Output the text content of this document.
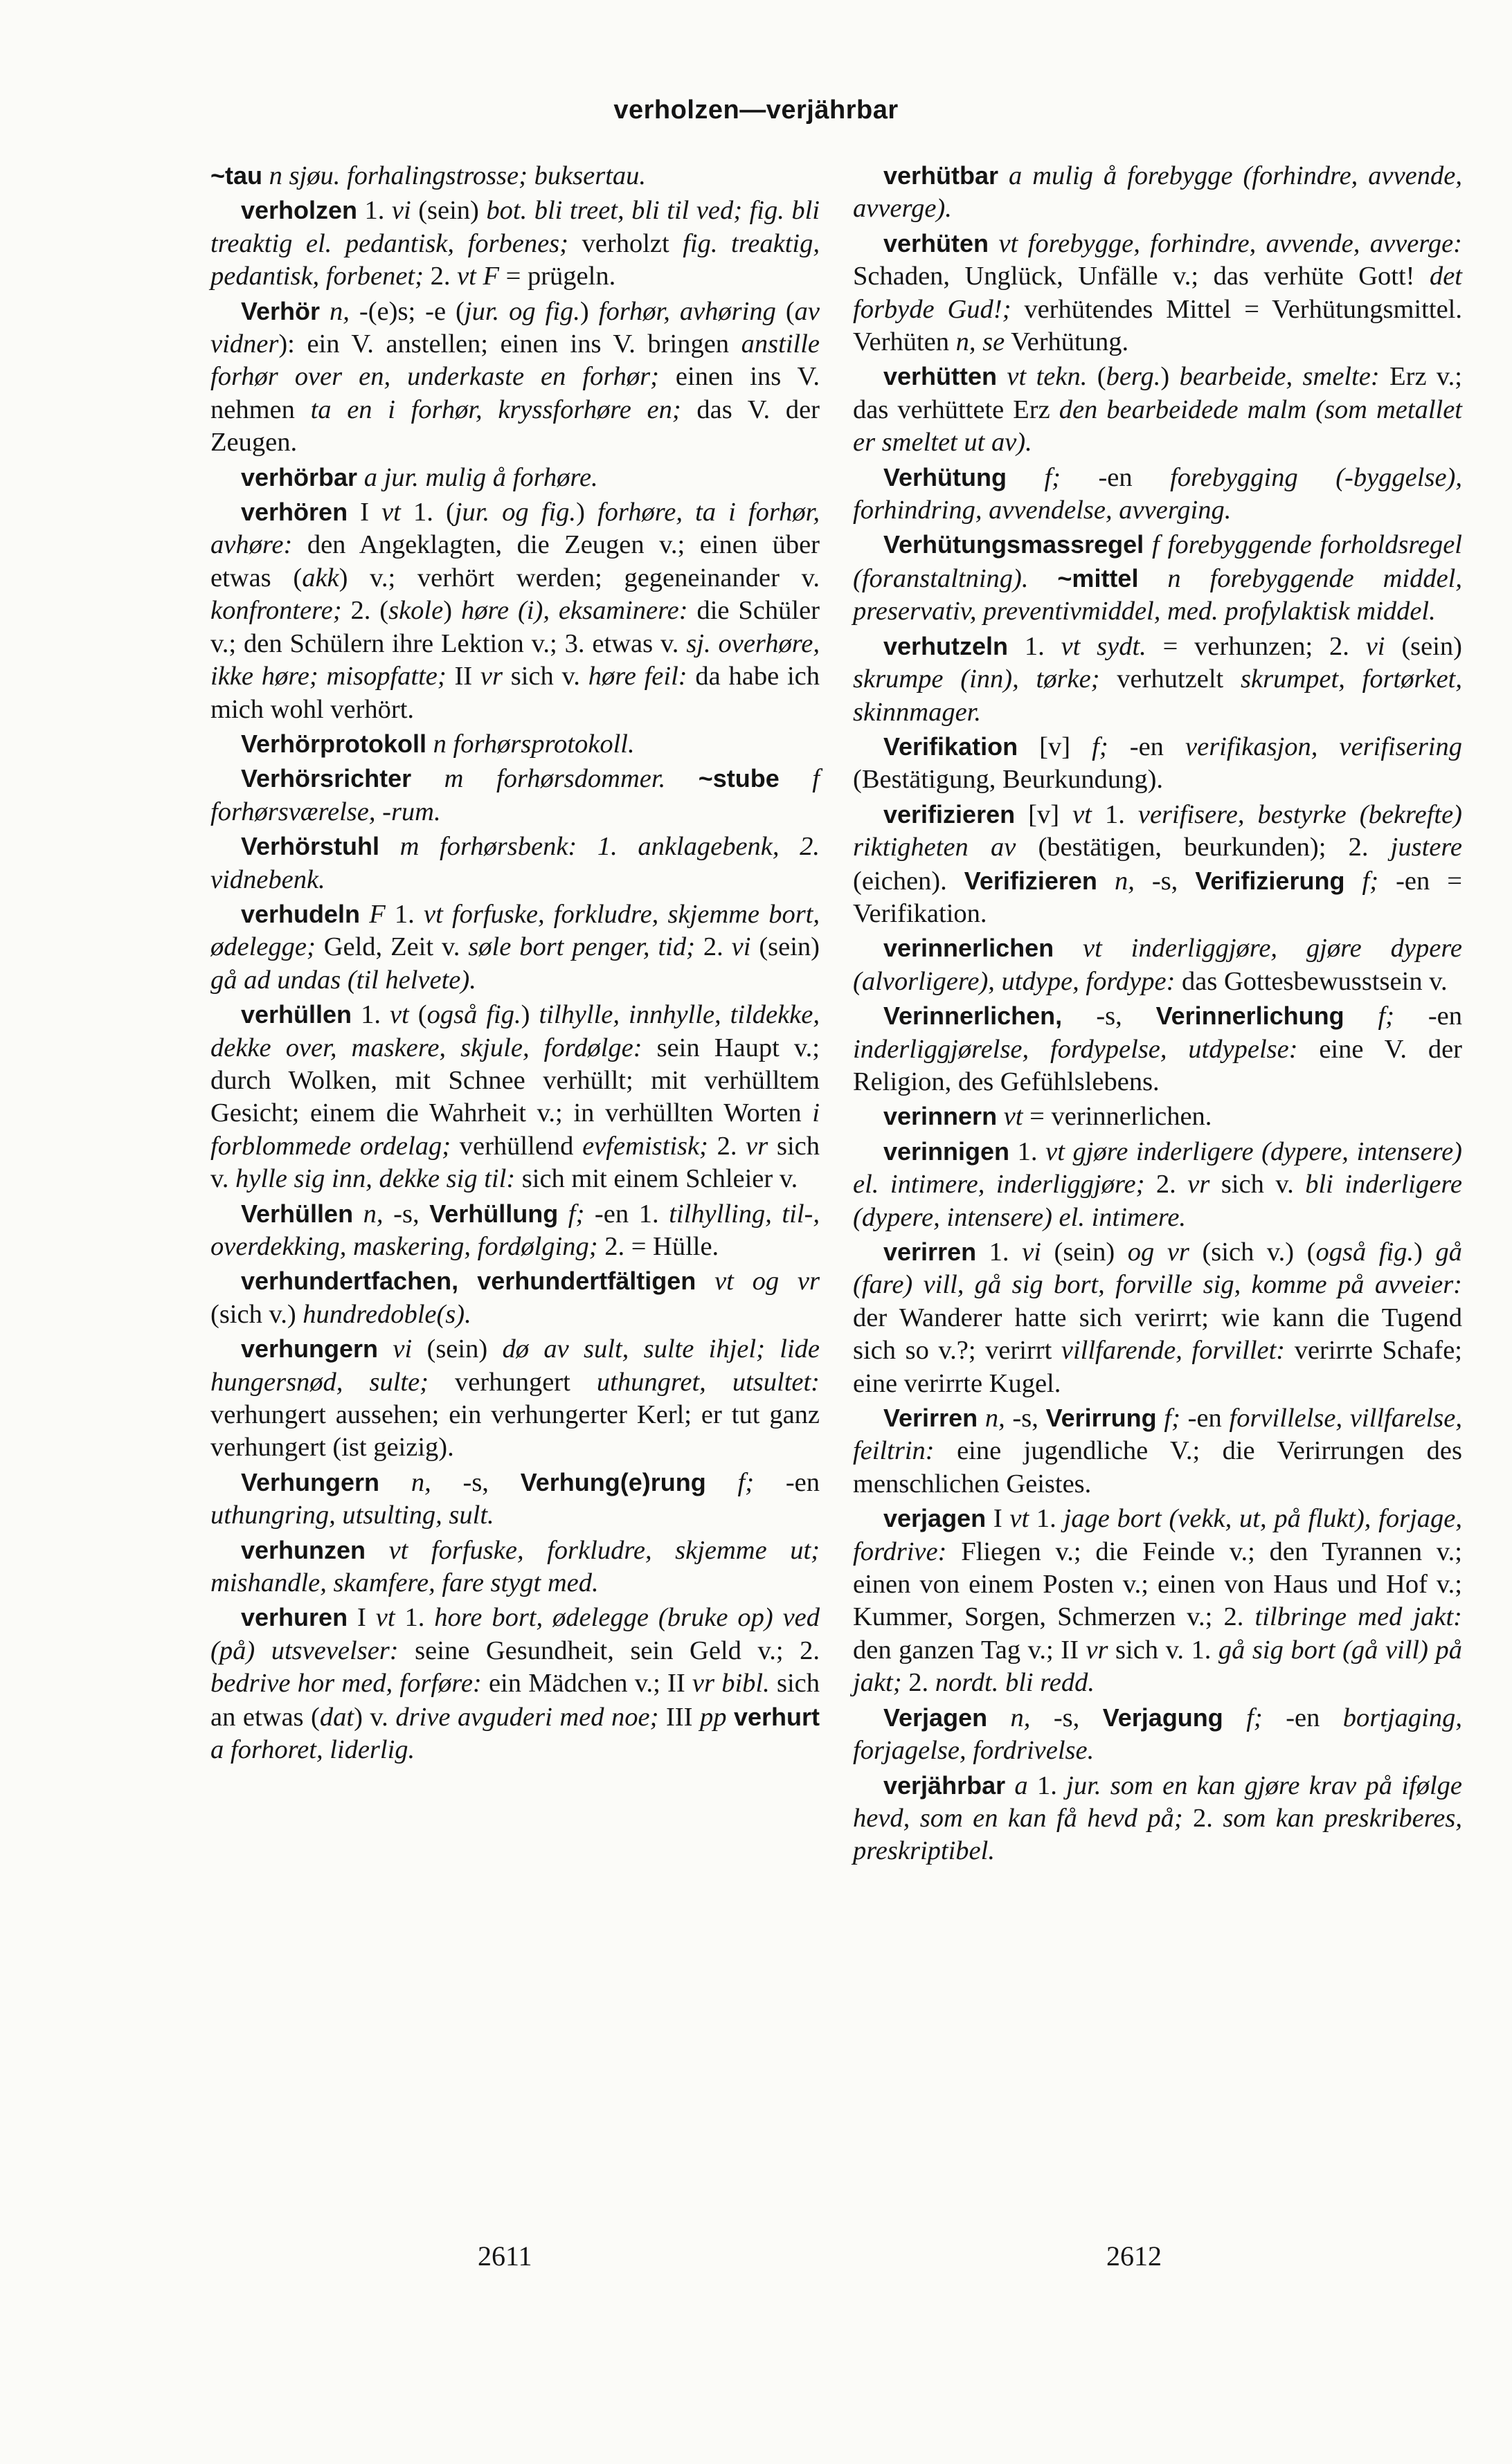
verholzen—verjährbar

~tau n sjøu. forhalingstrosse; buksertau.

verholzen 1. vi (sein) bot. bli treet, bli til ved; fig. bli treaktig el. pedantisk, forbenes; verholzt fig. treaktig, pedantisk, forbenet; 2. vt F = prügeln.

Verhör n, -(e)s; -e (jur. og fig.) forhør, avhøring (av vidner): ein V. anstellen; einen ins V. bringen anstille forhør over en, underkaste en forhør; einen ins V. nehmen ta en i forhør, kryssforhøre en; das V. der Zeugen.

verhörbar a jur. mulig å forhøre.

verhören I vt 1. (jur. og fig.) forhøre, ta i forhør, avhøre: den Angeklagten, die Zeugen v.; einen über etwas (akk) v.; verhört werden; gegeneinander v. konfrontere; 2. (skole) høre (i), eksaminere: die Schüler v.; den Schülern ihre Lektion v.; 3. etwas v. sj. overhøre, ikke høre; misopfatte; II vr sich v. høre feil: da habe ich mich wohl verhört.

Verhörprotokoll n forhørsprotokoll.

Verhörsrichter m forhørsdommer. ~stube f forhørsværelse, -rum.

Verhörstuhl m forhørsbenk: 1. anklagebenk, 2. vidnebenk.

verhudeln F 1. vt forfuske, forkludre, skjemme bort, ødelegge; Geld, Zeit v. søle bort penger, tid; 2. vi (sein) gå ad undas (til helvete).

verhüllen 1. vt (også fig.) tilhylle, innhylle, tildekke, dekke over, maskere, skjule, fordølge: sein Haupt v.; durch Wolken, mit Schnee verhüllt; mit verhülltem Gesicht; einem die Wahrheit v.; in verhüllten Worten i forblommede ordelag; verhüllend evfemistisk; 2. vr sich v. hylle sig inn, dekke sig til: sich mit einem Schleier v.

Verhüllen n, -s, Verhüllung f; -en 1. tilhylling, til-, overdekking, maskering, fordølging; 2. = Hülle.

verhundertfachen, verhundertfältigen vt og vr (sich v.) hundredoble(s).

verhungern vi (sein) dø av sult, sulte ihjel; lide hungersnød, sulte; verhungert uthungret, utsultet: verhungert aussehen; ein verhungerter Kerl; er tut ganz verhungert (ist geizig).

Verhungern n, -s, Verhung(e)rung f; -en uthungring, utsulting, sult.

verhunzen vt forfuske, forkludre, skjemme ut; mishandle, skamfere, fare stygt med.

verhuren I vt 1. hore bort, ødelegge (bruke op) ved (på) utsvevelser: seine Gesundheit, sein Geld v.; 2. bedrive hor med, forføre: ein Mädchen v.; II vr bibl. sich an etwas (dat) v. drive avguderi med noe; III pp verhurt a forhoret, liderlig.

verhütbar a mulig å forebygge (forhindre, avvende, avverge).

verhüten vt forebygge, forhindre, avvende, avverge: Schaden, Unglück, Unfälle v.; das verhüte Gott! det forbyde Gud!; verhütendes Mittel = Verhütungsmittel. Verhüten n, se Verhütung.

verhütten vt tekn. (berg.) bearbeide, smelte: Erz v.; das verhüttete Erz den bearbeidede malm (som metallet er smeltet ut av).

Verhütung f; -en forebygging (-byggelse), forhindring, avvendelse, avverging.

Verhütungsmassregel f forebyggende forholdsregel (foranstaltning). ~mittel n forebyggende middel, preservativ, preventivmiddel, med. profylaktisk middel.

verhutzeln 1. vt sydt. = verhunzen; 2. vi (sein) skrumpe (inn), tørke; verhutzelt skrumpet, fortørket, skinnmager.

Verifikation [v] f; -en verifikasjon, verifisering (Bestätigung, Beurkundung).

verifizieren [v] vt 1. verifisere, bestyrke (bekrefte) riktigheten av (bestätigen, beurkunden); 2. justere (eichen). Verifizieren n, -s, Verifizierung f; -en = Verifikation.

verinnerlichen vt inderliggjøre, gjøre dypere (alvorligere), utdype, fordype: das Gottesbewusstsein v.

Verinnerlichen, -s, Verinnerlichung f; -en inderliggjørelse, fordypelse, utdypelse: eine V. der Religion, des Gefühlslebens.

verinnern vt = verinnerlichen.

verinnigen 1. vt gjøre inderligere (dypere, intensere) el. intimere, inderliggjøre; 2. vr sich v. bli inderligere (dypere, intensere) el. intimere.

verirren 1. vi (sein) og vr (sich v.) (også fig.) gå (fare) vill, gå sig bort, forville sig, komme på avveier: der Wanderer hatte sich verirrt; wie kann die Tugend sich so v.?; verirrt villfarende, forvillet: verirrte Schafe; eine verirrte Kugel.

Verirren n, -s, Verirrung f; -en forvillelse, villfarelse, feiltrin: eine jugendliche V.; die Verirrungen des menschlichen Geistes.

verjagen I vt 1. jage bort (vekk, ut, på flukt), forjage, fordrive: Fliegen v.; die Feinde v.; den Tyrannen v.; einen von einem Posten v.; einen von Haus und Hof v.; Kummer, Sorgen, Schmerzen v.; 2. tilbringe med jakt: den ganzen Tag v.; II vr sich v. 1. gå sig bort (gå vill) på jakt; 2. nordt. bli redd.

Verjagen n, -s, Verjagung f; -en bortjaging, forjagelse, fordrivelse.

verjährbar a 1. jur. som en kan gjøre krav på ifølge hevd, som en kan få hevd på; 2. som kan preskriberes, preskriptibel.

2611	2612
